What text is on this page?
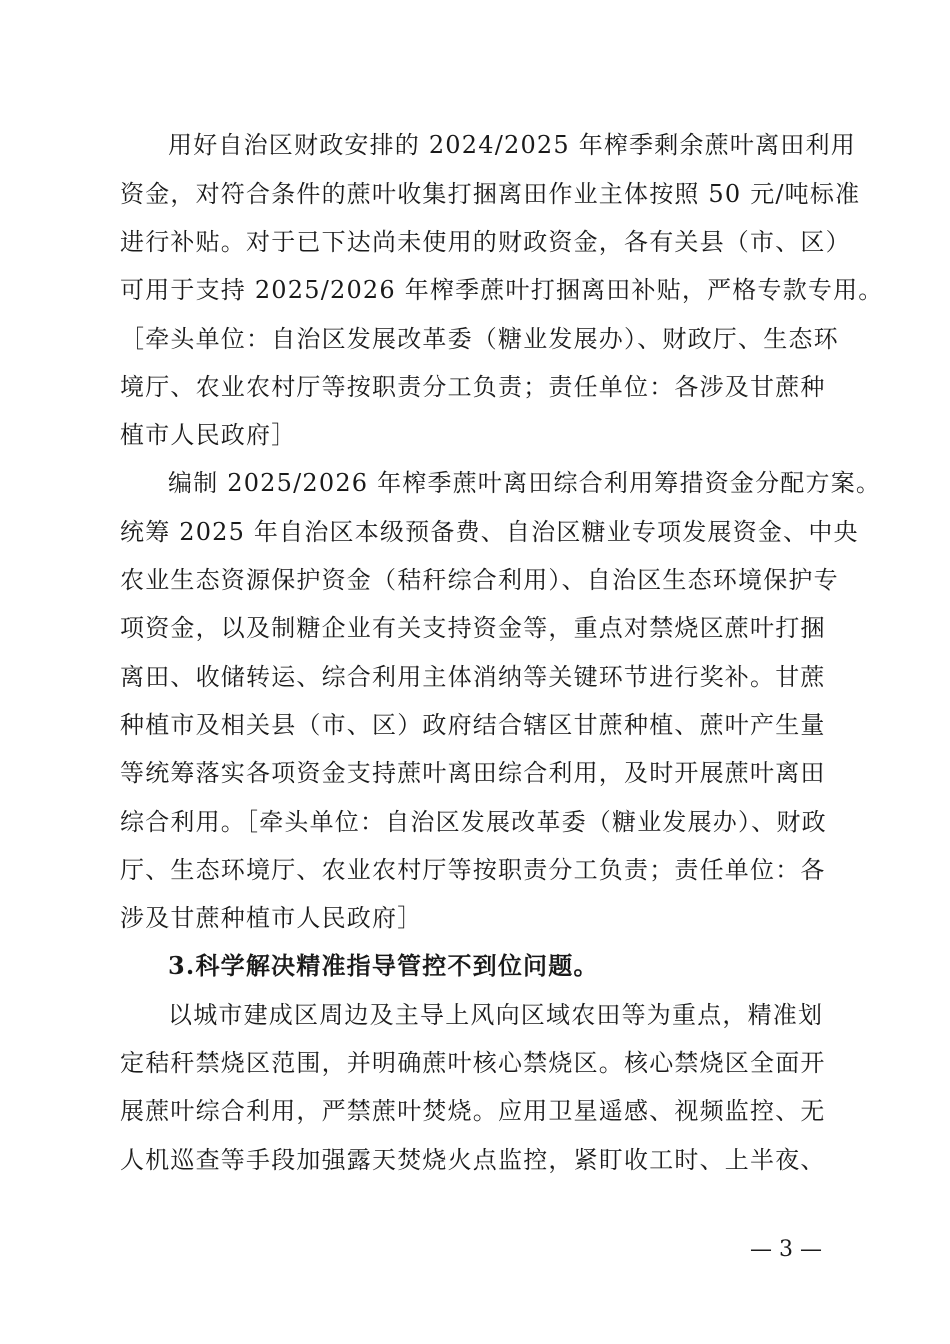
用好自治区财政安排的 2024/2025 年榨季剩余蔗叶离田利用
资金，对符合条件的蔗叶收集打捆离田作业主体按照 50 元/吨标准
进行补贴。对于已下达尚未使用的财政资金，各有关县（市、区）
可用于支持 2025/2026 年榨季蔗叶打捆离田补贴，严格专款专用。
［牵头单位：自治区发展改革委（糖业发展办）、财政厅、生态环
境厅、农业农村厅等按职责分工负责；责任单位：各涉及甘蔗种
植市人民政府］
编制 2025/2026 年榨季蔗叶离田综合利用筹措资金分配方案。
统筹 2025 年自治区本级预备费、自治区糖业专项发展资金、中央
农业生态资源保护资金（秸秆综合利用）、自治区生态环境保护专
项资金，以及制糖企业有关支持资金等，重点对禁烧区蔗叶打捆
离田、收储转运、综合利用主体消纳等关键环节进行奖补。甘蔗
种植市及相关县（市、区）政府结合辖区甘蔗种植、蔗叶产生量
等统筹落实各项资金支持蔗叶离田综合利用，及时开展蔗叶离田
综合利用。［牵头单位：自治区发展改革委（糖业发展办）、财政
厅、生态环境厅、农业农村厅等按职责分工负责；责任单位：各
涉及甘蔗种植市人民政府］
3.科学解决精准指导管控不到位问题。
以城市建成区周边及主导上风向区域农田等为重点，精准划
定秸秆禁烧区范围，并明确蔗叶核心禁烧区。核心禁烧区全面开
展蔗叶综合利用，严禁蔗叶焚烧。应用卫星遥感、视频监控、无
人机巡查等手段加强露天焚烧火点监控，紧盯收工时、上半夜、
— 3 —
